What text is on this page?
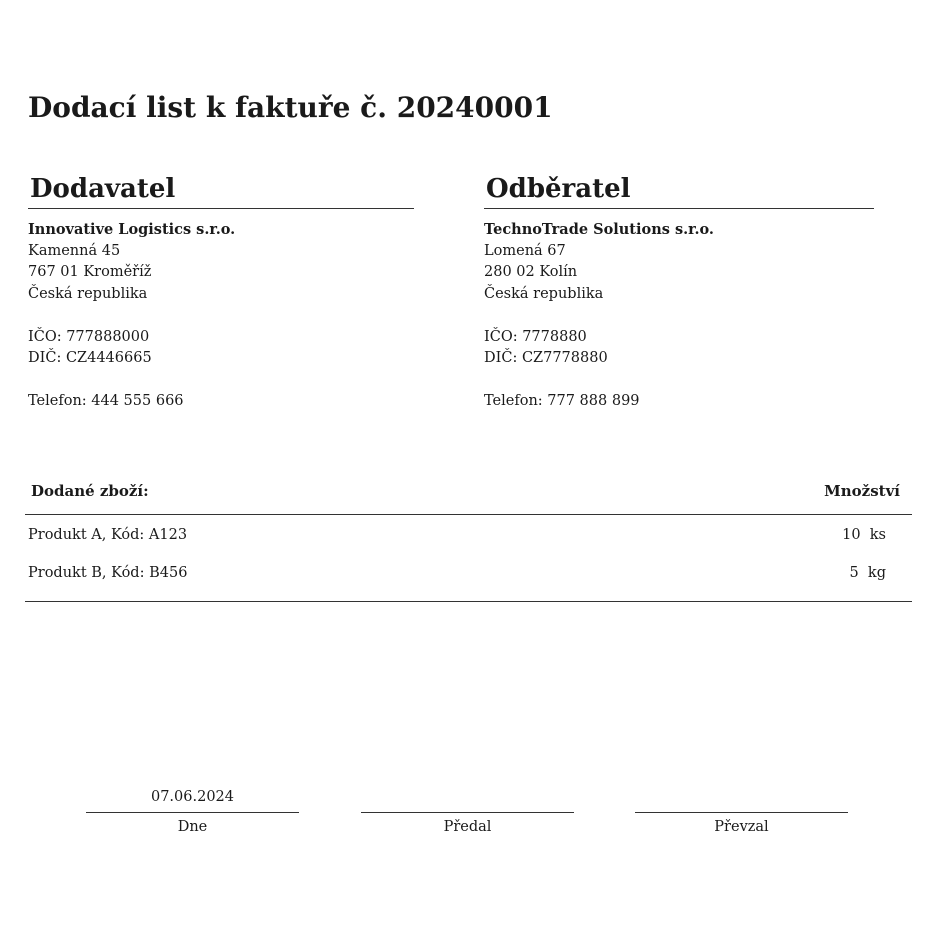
Dodací list k faktuře č. 20240001
Dodavatel
Innovative Logistics s.r.o.
Kamenná 45
767 01 Kroměříž
Česká republika
IČO: 777888000
DIČ: CZ4446665
Telefon: 444 555 666
Odběratel
TechnoTrade Solutions s.r.o.
Lomená 67
280 02 Kolín
Česká republika
IČO: 7778880
DIČ: CZ7778880
Telefon: 777 888 899
Dodané zboží:	Množství
Produkt A, Kód: A123	10  ks
Produkt B, Kód: B456	5  kg
07.06.2024
Dne	Předal	Převzal
